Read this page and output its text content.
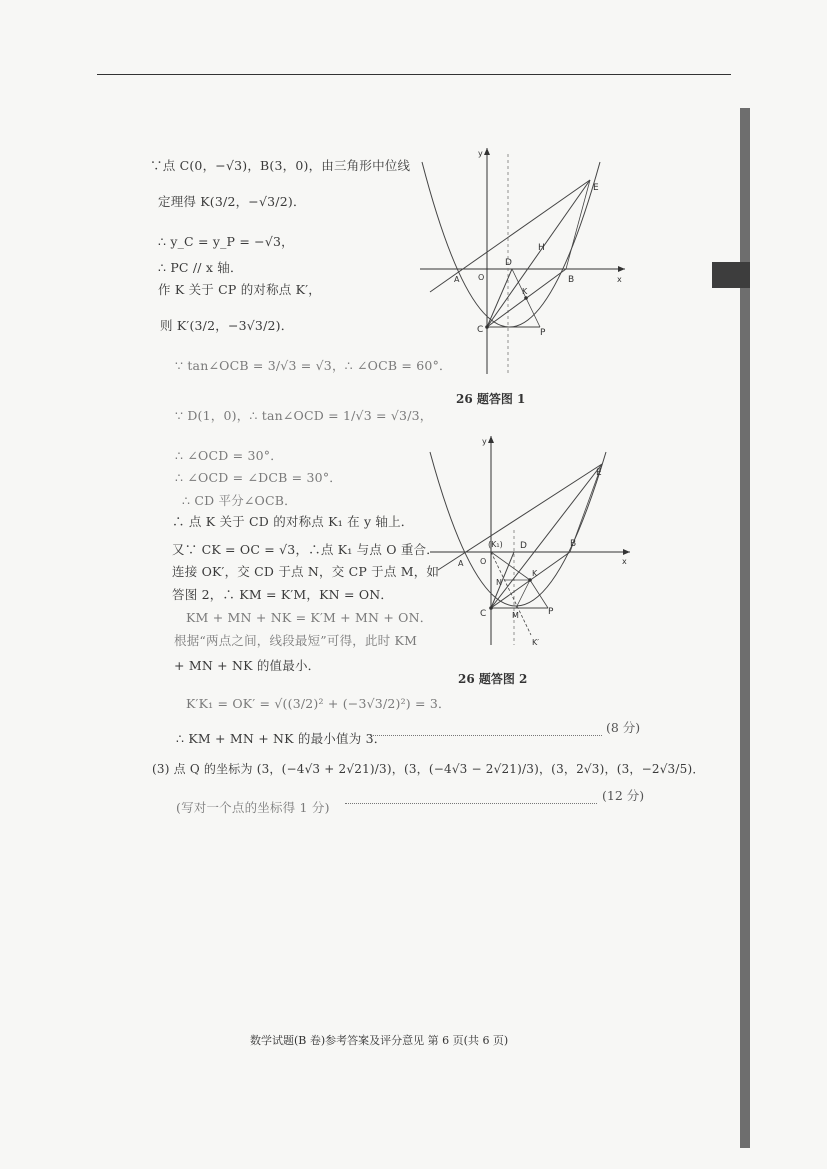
∵点 C(0，−√3)，B(3，0)，由三角形中位线
定理得 K(3/2，−√3/2)．
∴ y_C = y_P = −√3，
∴ PC // x 轴．
作 K 关于 CP 的对称点 K′，
则 K′(3/2，−3√3/2)．
∵ tan∠OCB = 3/√3 = √3，∴ ∠OCB = 60°．
∵ D(1，0)，∴ tan∠OCD = 1/√3 = √3/3，
∴ ∠OCD = 30°．
∴ ∠OCD = ∠DCB = 30°．
∴ CD 平分∠OCB．
∴ 点 K 关于 CD 的对称点 K₁ 在 y 轴上．
又∵ CK = OC = √3，∴点 K₁ 与点 O 重合．
连接 OK′，交 CD 于点 N，交 CP 于点 M，如
答图 2，∴ KM = K′M，KN = ON．
KM + MN + NK = K′M + MN + ON．
根据“两点之间，线段最短”可得，此时 KM
+ MN + NK 的值最小．
K′K₁ = OK′ = √((3/2)² + (−3√3/2)²) = 3．
∴ KM + MN + NK 的最小值为 3．
(8 分)
(3) 点 Q 的坐标为 (3，(−4√3 + 2√21)/3)，(3，(−4√3 − 2√21)/3)，(3，2√3)，(3，−2√3/5)．
(写对一个点的坐标得 1 分)
(12 分)
y
x
E
H
D
O
A	B
K
C	P
26 题答图 1
y
x
E
(K₁) D
O
A
B
N
K
C	M	P
K′
26 题答图 2
数学试题(B 卷)参考答案及评分意见 第 6 页(共 6 页)
